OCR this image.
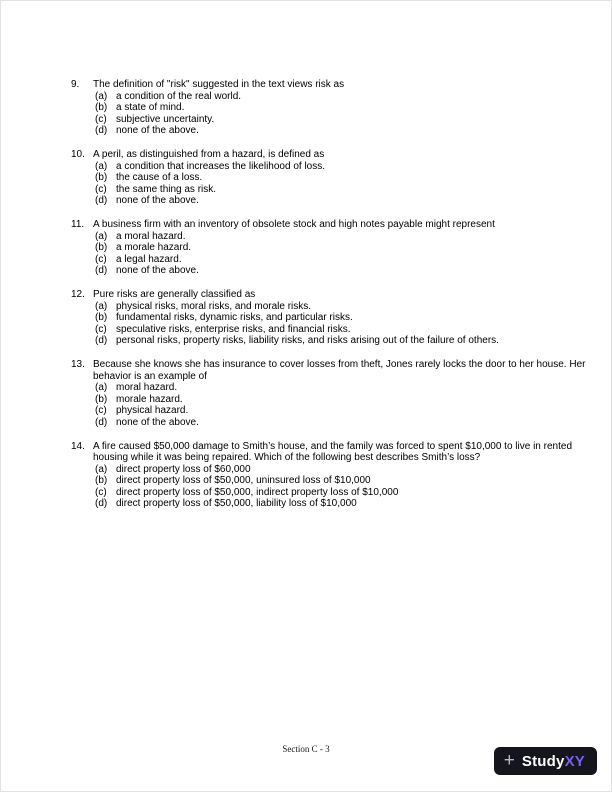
9.	The definition of "risk" suggested in the text views risk as
(a) a condition of the real world.
(b) a state of mind.
(c) subjective uncertainty.
(d) none of the above.
10. A peril, as distinguished from a hazard, is defined as
(a) a condition that increases the likelihood of loss.
(b) the cause of a loss.
(c) the same thing as risk.
(d) none of the above.
11. A business firm with an inventory of obsolete stock and high notes payable might represent
(a) a moral hazard.
(b) a morale hazard.
(c) a legal hazard.
(d) none of the above.
12. Pure risks are generally classified as
(a) physical risks, moral risks, and morale risks.
(b) fundamental risks, dynamic risks, and particular risks.
(c) speculative risks, enterprise risks, and financial risks.
(d) personal risks, property risks, liability risks, and risks arising out of the failure of others.
13. Because she knows she has insurance to cover losses from theft, Jones rarely locks the door to her house. Her behavior is an example of
(a) moral hazard.
(b) morale hazard.
(c) physical hazard.
(d) none of the above.
14. A fire caused $50,000 damage to Smith’s house, and the family was forced to spent $10,000 to live in rented housing while it was being repaired. Which of the following best describes Smith’s loss?
(a) direct property loss of $60,000
(b) direct property loss of $50,000, uninsured loss of $10,000
(c) direct property loss of $50,000, indirect property loss of $10,000
(d) direct property loss of $50,000, liability loss of $10,000
Section C - 3
+ StudyXY
